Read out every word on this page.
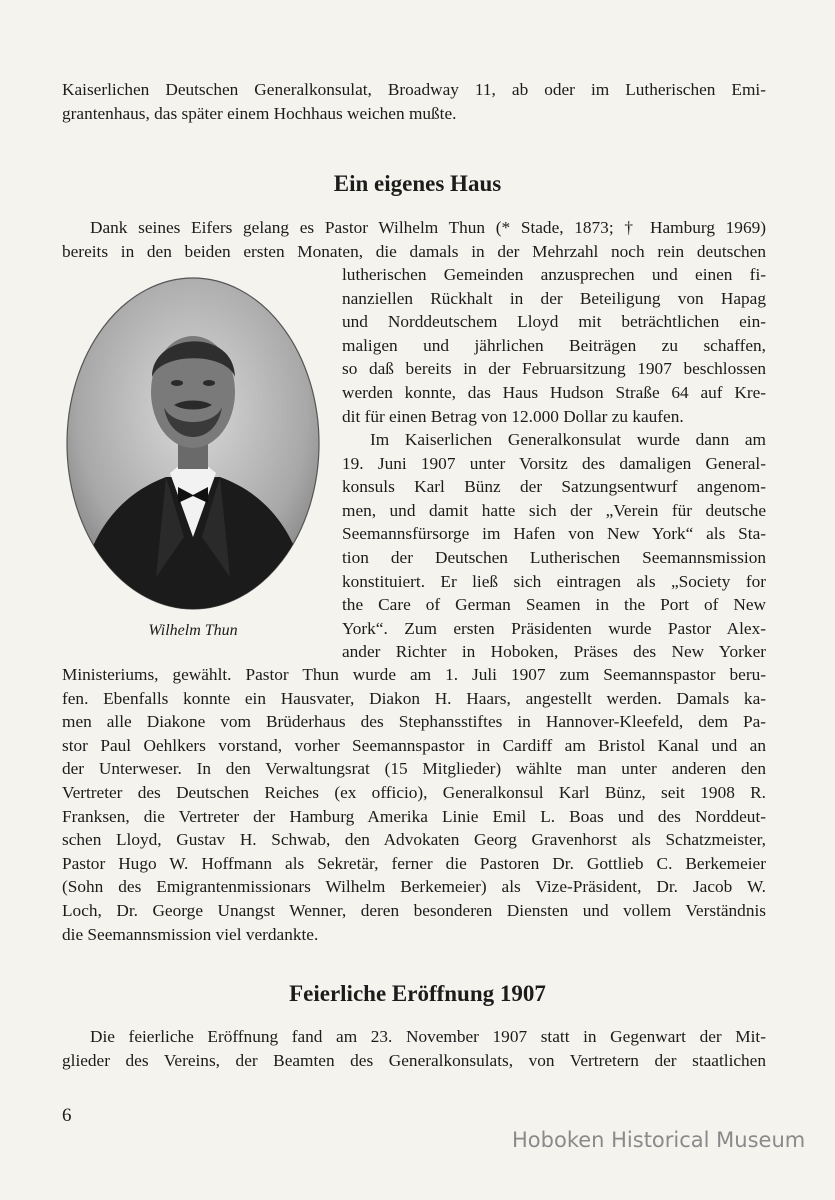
Kaiserlichen Deutschen Generalkonsulat, Broadway 11, ab oder im Lutherischen Emi-
grantenhaus, das später einem Hochhaus weichen mußte.
Ein eigenes Haus
Dank seines Eifers gelang es Pastor Wilhelm Thun (* Stade, 1873; † Hamburg 1969)
bereits in den beiden ersten Monaten, die damals in der Mehrzahl noch rein deutschen
lutherischen Gemeinden anzusprechen und einen fi-
nanziellen Rückhalt in der Beteiligung von Hapag
und Norddeutschem Lloyd mit beträchtlichen ein-
maligen und jährlichen Beiträgen zu schaffen,
so daß bereits in der Februarsitzung 1907 beschlossen
werden konnte, das Haus Hudson Straße 64 auf Kre-
dit für einen Betrag von 12.000 Dollar zu kaufen.
Im Kaiserlichen Generalkonsulat wurde dann am
19. Juni 1907 unter Vorsitz des damaligen General-
konsuls Karl Bünz der Satzungsentwurf angenom-
men, und damit hatte sich der „Verein für deutsche
Seemannsfürsorge im Hafen von New York“ als Sta-
tion der Deutschen Lutherischen Seemannsmission
konstituiert. Er ließ sich eintragen als „Society for
the Care of German Seamen in the Port of New
York“. Zum ersten Präsidenten wurde Pastor Alex-
ander Richter in Hoboken, Präses des New Yorker
Wilhelm Thun
Ministeriums, gewählt. Pastor Thun wurde am 1. Juli 1907 zum Seemannspastor beru-
fen. Ebenfalls konnte ein Hausvater, Diakon H. Haars, angestellt werden. Damals ka-
men alle Diakone vom Brüderhaus des Stephansstiftes in Hannover-Kleefeld, dem Pa-
stor Paul Oehlkers vorstand, vorher Seemannspastor in Cardiff am Bristol Kanal und an
der Unterweser. In den Verwaltungsrat (15 Mitglieder) wählte man unter anderen den
Vertreter des Deutschen Reiches (ex officio), Generalkonsul Karl Bünz, seit 1908 R.
Franksen, die Vertreter der Hamburg Amerika Linie Emil L. Boas und des Norddeut-
schen Lloyd, Gustav H. Schwab, den Advokaten Georg Gravenhorst als Schatzmeister,
Pastor Hugo W. Hoffmann als Sekretär, ferner die Pastoren Dr. Gottlieb C. Berkemeier
(Sohn des Emigrantenmissionars Wilhelm Berkemeier) als Vize-Präsident, Dr. Jacob W.
Loch, Dr. George Unangst Wenner, deren besonderen Diensten und vollem Verständnis
die Seemannsmission viel verdankte.
Feierliche Eröffnung 1907
Die feierliche Eröffnung fand am 23. November 1907 statt in Gegenwart der Mit-
glieder des Vereins, der Beamten des Generalkonsulats, von Vertretern der staatlichen
6
Hoboken Historical Museum
